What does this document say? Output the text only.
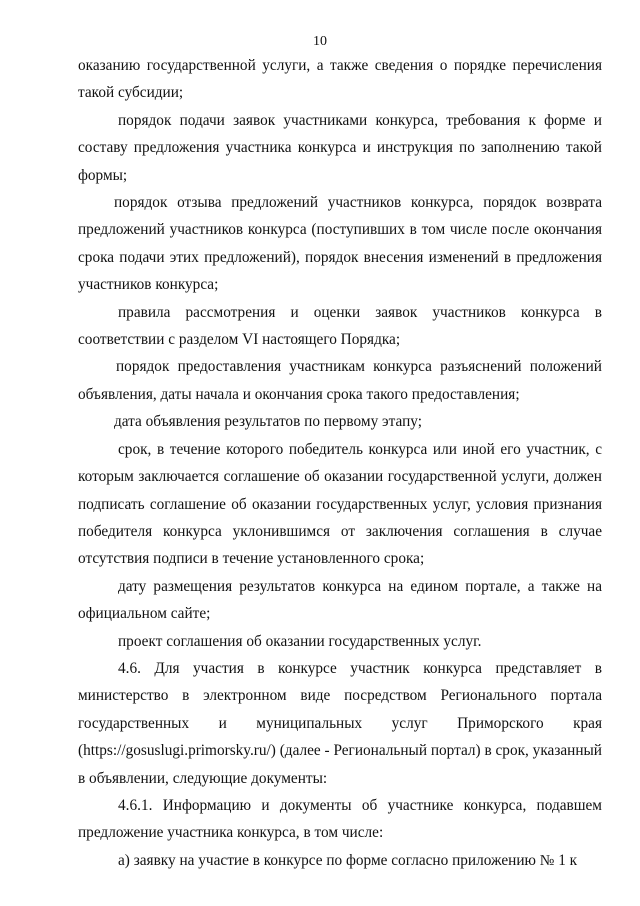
10

оказанию государственной услуги, а также сведения о порядке перечисления такой субсидии;

порядок подачи заявок участниками конкурса, требования к форме и составу предложения участника конкурса и инструкция по заполнению такой формы;

порядок отзыва предложений участников конкурса, порядок возврата предложений участников конкурса (поступивших в том числе после окончания срока подачи этих предложений), порядок внесения изменений в предложения участников конкурса;

правила рассмотрения и оценки заявок участников конкурса в соответствии с разделом VI настоящего Порядка;

порядок предоставления участникам конкурса разъяснений положений объявления, даты начала и окончания срока такого предоставления;

дата объявления результатов по первому этапу;

срок, в течение которого победитель конкурса или иной его участник, с которым заключается соглашение об оказании государственной услуги, должен подписать соглашение об оказании государственных услуг, условия признания победителя конкурса уклонившимся от заключения соглашения в случае отсутствия подписи в течение установленного срока;

дату размещения результатов конкурса на едином портале, а также на официальном сайте;

проект соглашения об оказании государственных услуг.

4.6. Для участия в конкурсе участник конкурса представляет в министерство в электронном виде посредством Регионального портала государственных и муниципальных услуг Приморского края (https://gosuslugi.primorsky.ru/) (далее - Региональный портал) в срок, указанный в объявлении, следующие документы:

4.6.1. Информацию и документы об участнике конкурса, подавшем предложение участника конкурса, в том числе:

а) заявку на участие в конкурсе по форме согласно приложению № 1 к
